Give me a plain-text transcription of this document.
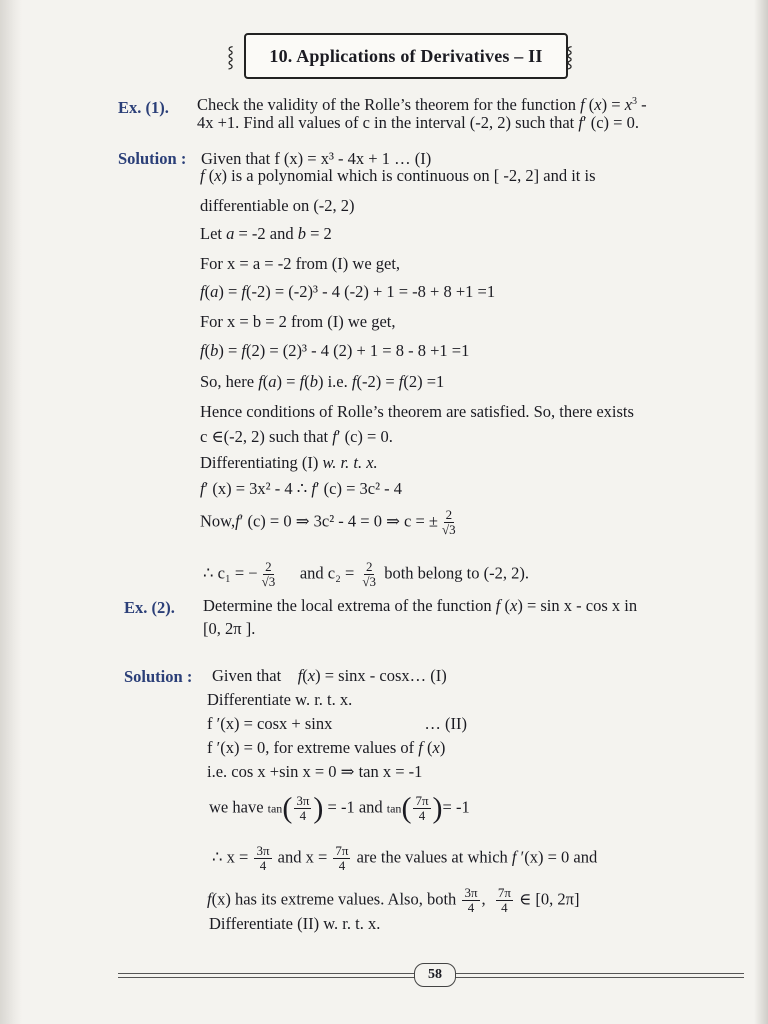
⸾ 10. Applications of Derivatives – II ⸾
Ex. (1). Check the validity of the Rolle’s theorem for the function f $(x) = x^3$ -
4x +1. Find all values of c in the interval (-2, 2) such that f′ (c) = 0.
Solution : Given that f (x) = x³ - 4x + 1 … (I)
f (x) is a polynomial which is continuous on [ -2, 2] and it is
differentiable on (-2, 2)
Let a = -2 and b = 2
For x = a = -2 from (I) we get,
f(a) = f(-2) = (-2)³ - 4 (-2) + 1 = -8 + 8 +1 =1
For x = b = 2 from (I) we get,
f(b) = f(2) = (2)³ - 4 (2) + 1 = 8 - 8 +1 =1
So, here f(a) = f(b) i.e. f(-2) = f(2) =1
Hence conditions of Rolle’s theorem are satisfied. So, there exists
c ∈(-2, 2) such that f′ (c) = 0.
Differentiating (I) w. r. t. x.
f′ (x) = 3x² - 4 ∴ f′ (c) = 3c² - 4
Now,f′ (c) = 0 ⇒ 3c² - 4 = 0 ⇒ c = ± $\frac{2}{√3}$
∴ c₁ = − $\frac{2}{√3}$ and $c_2 = \frac{2}{√3}$ both belong to (-2, 2).
Ex. (2). Determine the local extrema of the function f (x) = sin x - cos x in
[0, 2π ].
Solution : Given that f(x) = sinx - cosx… (I)
Differentiate w. r. t. x.
f ′(x) = cosx + sinx	… (II)
f ′(x) = 0, for extreme values of f (x)
i.e. cos x +sin x = 0 ⇒ tan x = -1
we have $\tan( \frac{3\pi}{4}$ ) = -1 and $\tan( \frac{7\pi}{4}$ )= -1
∴ $x = \frac{3\pi}{4}$ and $x = \frac{7\pi}{4}$ are the values at which f ′(x) = 0 and
f(x) has its extreme values. Also, both $\frac{3\pi}{4}$ , $\frac{7\pi}{4}$ ∈ [0, 2π]
Differentiate (II) w. r. t. x.
58
